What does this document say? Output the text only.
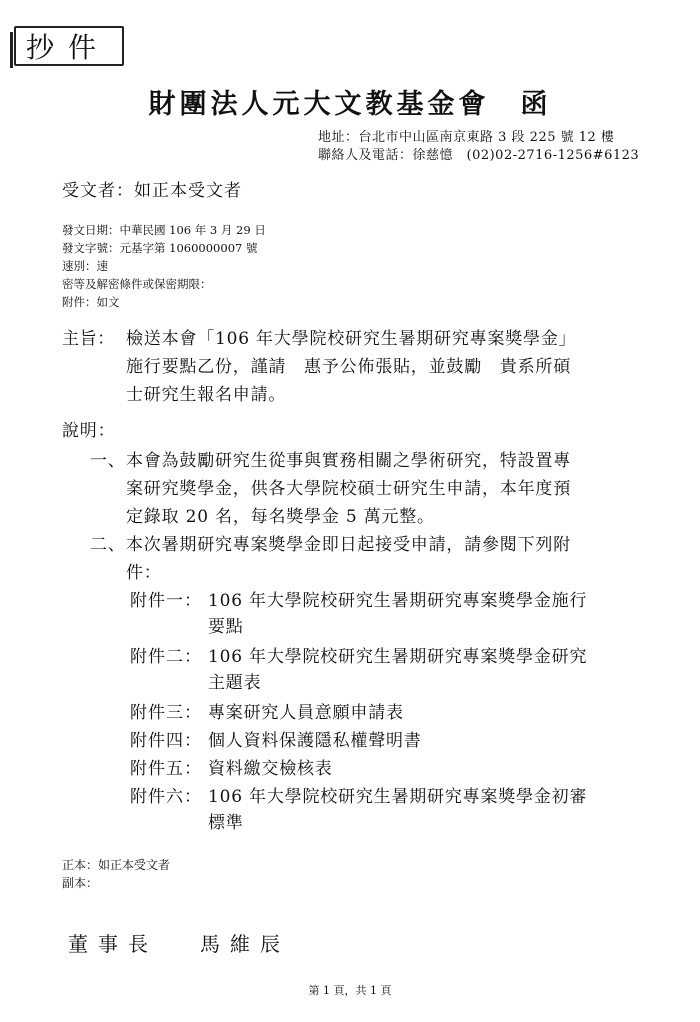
抄件
財團法人元大文教基金會　函
地址：台北市中山區南京東路 3 段 225 號 12 樓
聯絡人及電話：徐慈憶　(02)02-2716-1256#6123
受文者：如正本受文者
發文日期：中華民國 106 年 3 月 29 日
發文字號：元基字第 1060000007 號
速別：速
密等及解密條件或保密期限：
附件：如文
主旨： 檢送本會「106 年大學院校研究生暑期研究專案獎學金」
施行要點乙份，謹請　惠予公佈張貼，並鼓勵　貴系所碩
士研究生報名申請。
說明：
一、 本會為鼓勵研究生從事與實務相關之學術研究，特設置專
案研究獎學金，供各大學院校碩士研究生申請，本年度預
定錄取 20 名，每名獎學金 5 萬元整。
二、 本次暑期研究專案獎學金即日起接受申請，請參閱下列附
件：
附件一： 106 年大學院校研究生暑期研究專案獎學金施行
要點
附件二： 106 年大學院校研究生暑期研究專案獎學金研究
主題表
附件三： 專案研究人員意願申請表
附件四： 個人資料保護隱私權聲明書
附件五： 資料繳交檢核表
附件六： 106 年大學院校研究生暑期研究專案獎學金初審
標準
正本：如正本受文者
副本：
董事長 馬維辰
第 1 頁，共 1 頁
